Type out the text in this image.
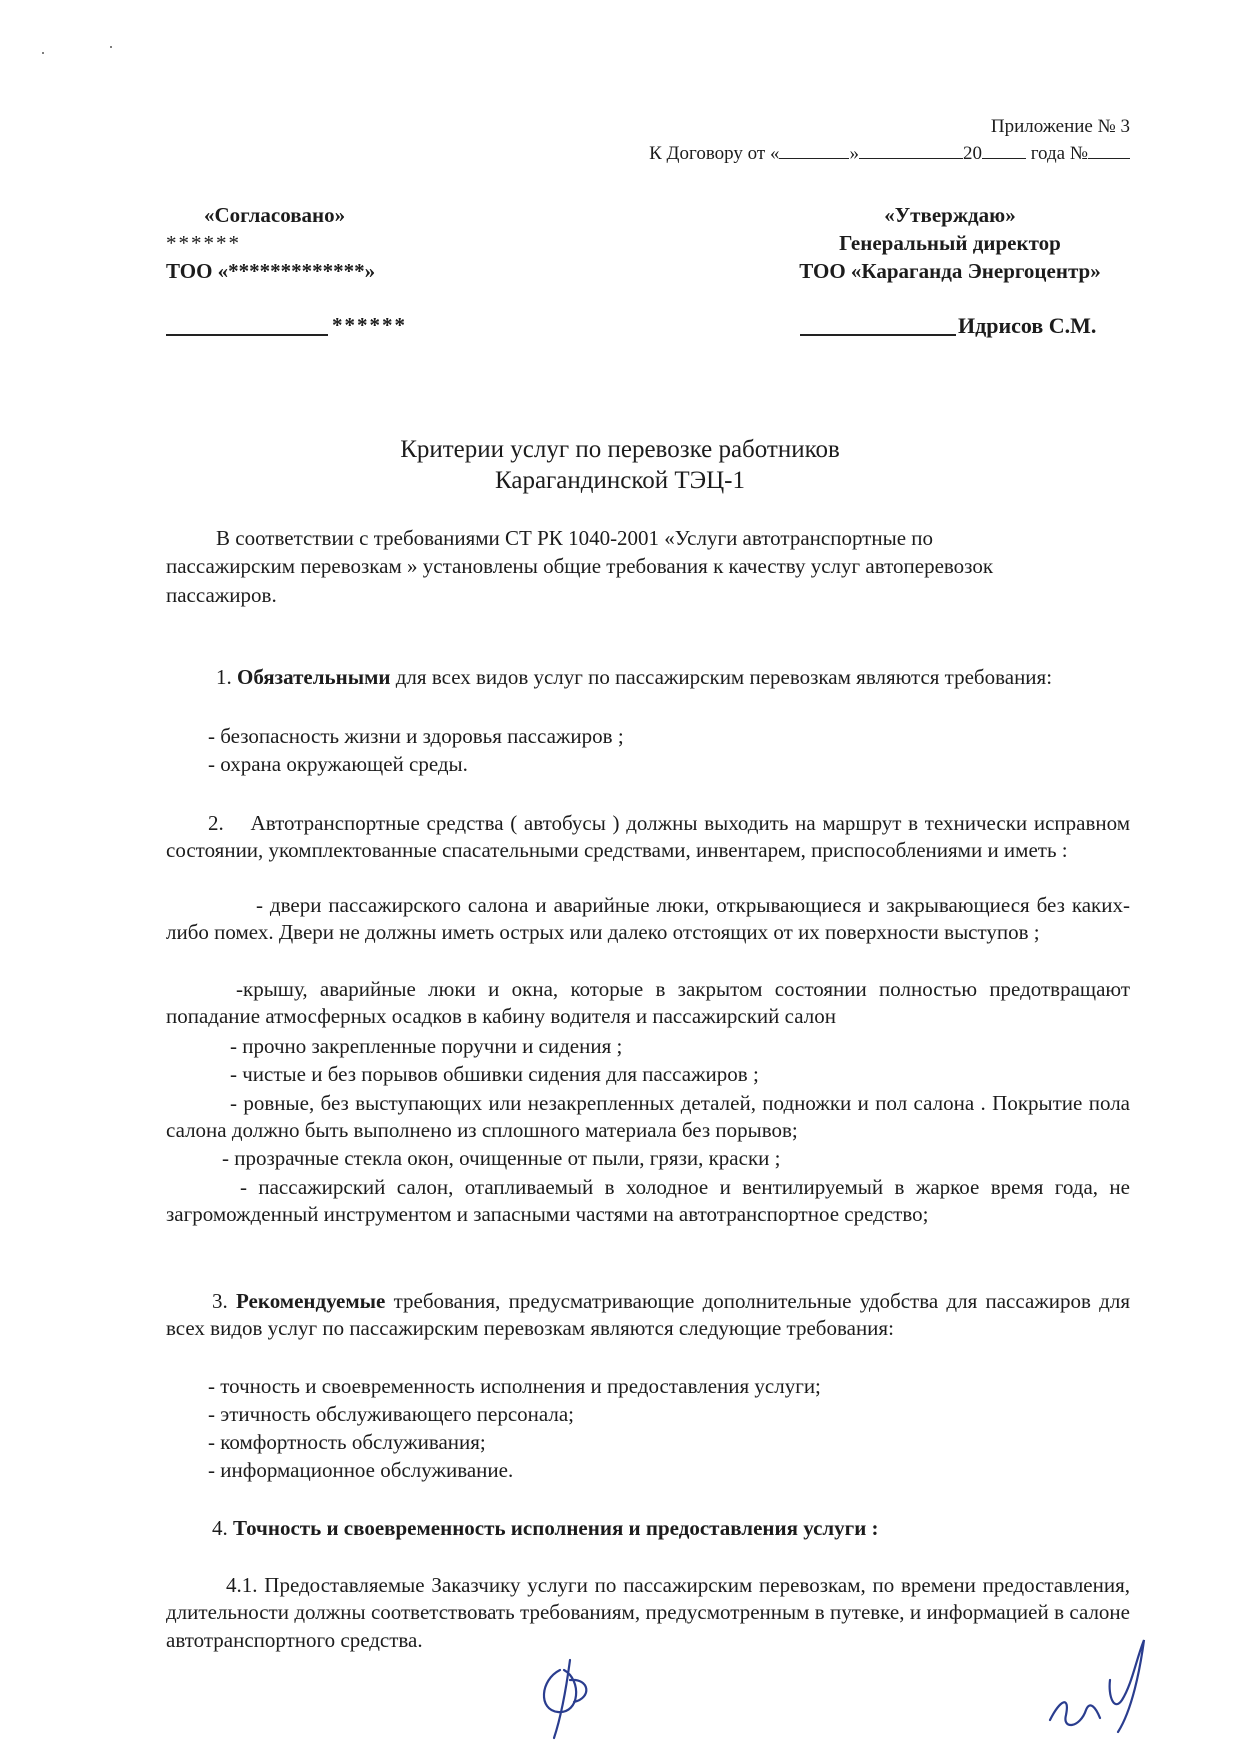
Приложение № 3
К Договору от «	»	20	года №
«Согласовано»
******
ТОО «*************»
******
«Утверждаю»
Генеральный директор
ТОО «Караганда Энергоцентр»
Идрисов С.М.
Критерии услуг по перевозке работников
Карагандинской ТЭЦ-1
В соответствии с требованиями СТ РК 1040-2001 «Услуги автотранспортные по пассажирским перевозкам » установлены общие требования к качеству услуг автоперевозок пассажиров.
1. Обязательными для всех видов услуг по пассажирским перевозкам являются требования:
- безопасность жизни и здоровья пассажиров ;
- охрана окружающей среды.
2. Автотранспортные средства ( автобусы ) должны выходить на маршрут в технически исправном состоянии, укомплектованные спасательными средствами, инвентарем, приспособлениями и иметь :
- двери пассажирского салона и аварийные люки, открывающиеся и закрывающиеся без каких-либо помех. Двери не должны иметь острых или далеко отстоящих от их поверхности выступов ;
-крышу, аварийные люки и окна, которые в закрытом состоянии полностью предотвращают попадание атмосферных осадков в кабину водителя и пассажирский салон
- прочно закрепленные поручни и сидения ;
- чистые и без порывов обшивки сидения для пассажиров ;
- ровные, без выступающих или незакрепленных деталей, подножки и пол салона . Покрытие пола салона должно быть выполнено из сплошного материала без порывов;
- прозрачные стекла окон, очищенные от пыли, грязи, краски ;
- пассажирский салон, отапливаемый в холодное и вентилируемый в жаркое время года, не загроможденный инструментом и запасными частями на автотранспортное средство;
3. Рекомендуемые требования, предусматривающие дополнительные удобства для пассажиров для всех видов услуг по пассажирским перевозкам являются следующие требования:
- точность и своевременность исполнения и предоставления услуги;
- этичность обслуживающего персонала;
- комфортность обслуживания;
- информационное обслуживание.
4. Точность и своевременность исполнения и предоставления услуги :
4.1. Предоставляемые Заказчику услуги по пассажирским перевозкам, по времени предоставления, длительности должны соответствовать требованиям, предусмотренным в путевке, и информацией в салоне автотранспортного средства.
